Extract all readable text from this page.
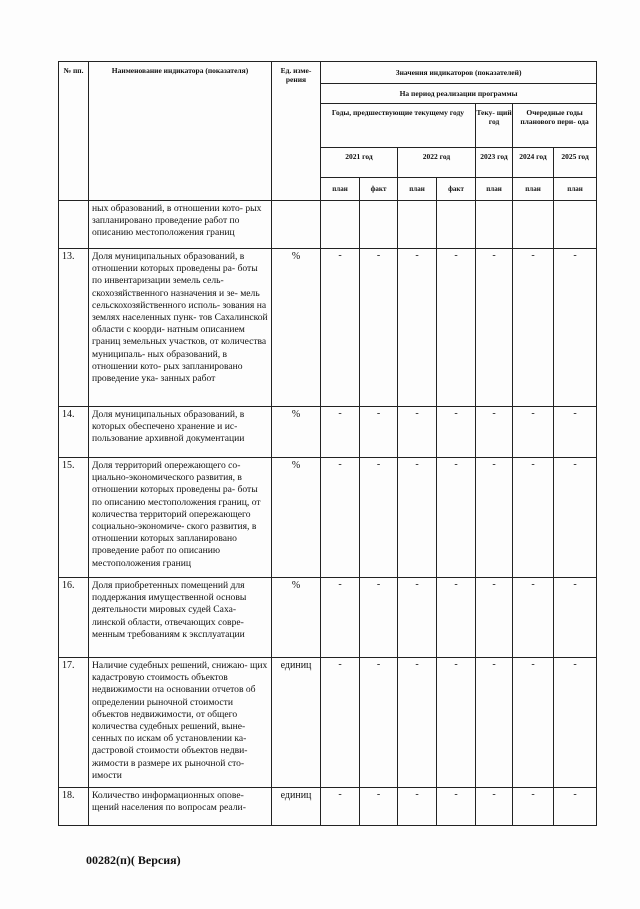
№ пп.	Наименование индикатора (показателя)	Ед. изме- рения	Значения индикаторов (показателей)						
			На период реализации программы						
			Годы, предшествующие текущему году				Теку- щий год	Очередные годы планового пери- ода	
			2021 год		2022 год		2023 год	2024 год	2025 год
			план	факт	план	факт	план	план	план
	ных образований, в отношении кото- рых запланировано проведение работ по описанию местоположения границ								
13.	Доля муниципальных образований, в отношении которых проведены ра- боты по инвентаризации земель сель- скохозяйственного назначения и зе- мель сельскохозяйственного исполь- зования на землях населенных пунк- тов Сахалинской области с коорди- натным описанием границ земельных участков, от количества муниципаль- ных образований, в отношении кото- рых запланировано проведение ука- занных работ	%	-	-	-	-	-	-	-
14.	Доля муниципальных образований, в которых обеспечено хранение и ис- пользование архивной документации	%	-	-	-	-	-	-	-
15.	Доля территорий опережающего со- циально-экономического развития, в отношении которых проведены ра- боты по описанию местоположения границ, от количества территорий опережающего социально-экономиче- ского развития, в отношении которых запланировано проведение работ по описанию местоположения границ	%	-	-	-	-	-	-	-
16.	Доля приобретенных помещений для поддержания имущественной основы деятельности мировых судей Саха- линской области, отвечающих совре- менным требованиям к эксплуатации	%	-	-	-	-	-	-	-
17.	Наличие судебных решений, снижаю- щих кадастровую стоимость объектов недвижимости на основании отчетов об определении рыночной стоимости объектов недвижимости, от общего количества судебных решений, выне- сенных по искам об установлении ка- дастровой стоимости объектов недви- жимости в размере их рыночной сто- имости	единиц	-	-	-	-	-	-	-
18.	Количество информационных опове- щений населения по вопросам реали-	единиц	-	-	-	-	-	-	-
00282(п)( Версия)
